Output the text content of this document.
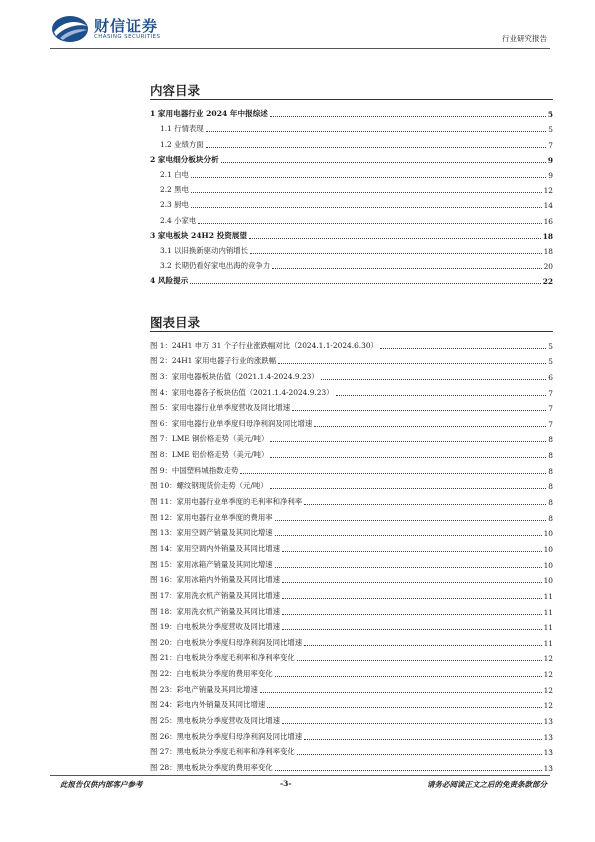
财信证券
CHASING SECURITIES	行业研究报告
内容目录
1 家用电器行业 2024 年中报综述	5
1.1 行情表现	5
1.2 业绩方面	7
2 家电细分板块分析	9
2.1 白电	9
2.2 黑电	12
2.3 厨电	14
2.4 小家电	16
3 家电板块 24H2 投资展望	18
3.1 以旧换新驱动内销增长	18
3.2 长期仍看好家电出海的竞争力	20
4 风险提示	22
图表目录
图 1：24H1 申万 31 个子行业涨跌幅对比（2024.1.1-2024.6.30）	5
图 2：24H1 家用电器子行业的涨跌幅	5
图 3：家用电器板块估值（2021.1.4-2024.9.23）	6
图 4：家用电器各子板块估值（2021.1.4-2024.9.23）	7
图 5：家用电器行业单季度营收及同比增速	7
图 6：家用电器行业单季度归母净利润及同比增速	7
图 7：LME 铜价格走势（美元/吨）	8
图 8：LME 铝价格走势（美元/吨）	8
图 9：中国塑料城指数走势	8
图 10：螺纹钢现货价走势（元/吨）	8
图 11：家用电器行业单季度的毛利率和净利率	8
图 12：家用电器行业单季度的费用率	8
图 13：家用空调产销量及其同比增速	10
图 14：家用空调内外销量及其同比增速	10
图 15：家用冰箱产销量及其同比增速	10
图 16：家用冰箱内外销量及其同比增速	10
图 17：家用洗衣机产销量及其同比增速	11
图 18：家用洗衣机产销量及其同比增速	11
图 19：白电板块分季度营收及同比增速	11
图 20：白电板块分季度归母净利润及同比增速	11
图 21：白电板块分季度毛利率和净利率变化	12
图 22：白电板块分季度的费用率变化	12
图 23：彩电产销量及其同比增速	12
图 24：彩电内外销量及其同比增速	12
图 25：黑电板块分季度营收及同比增速	13
图 26：黑电板块分季度归母净利润及同比增速	13
图 27：黑电板块分季度毛利率和净利率变化	13
图 28：黑电板块分季度的费用率变化	13
此报告仅供内部客户参考	-3-	请务必阅读正文之后的免责条款部分
